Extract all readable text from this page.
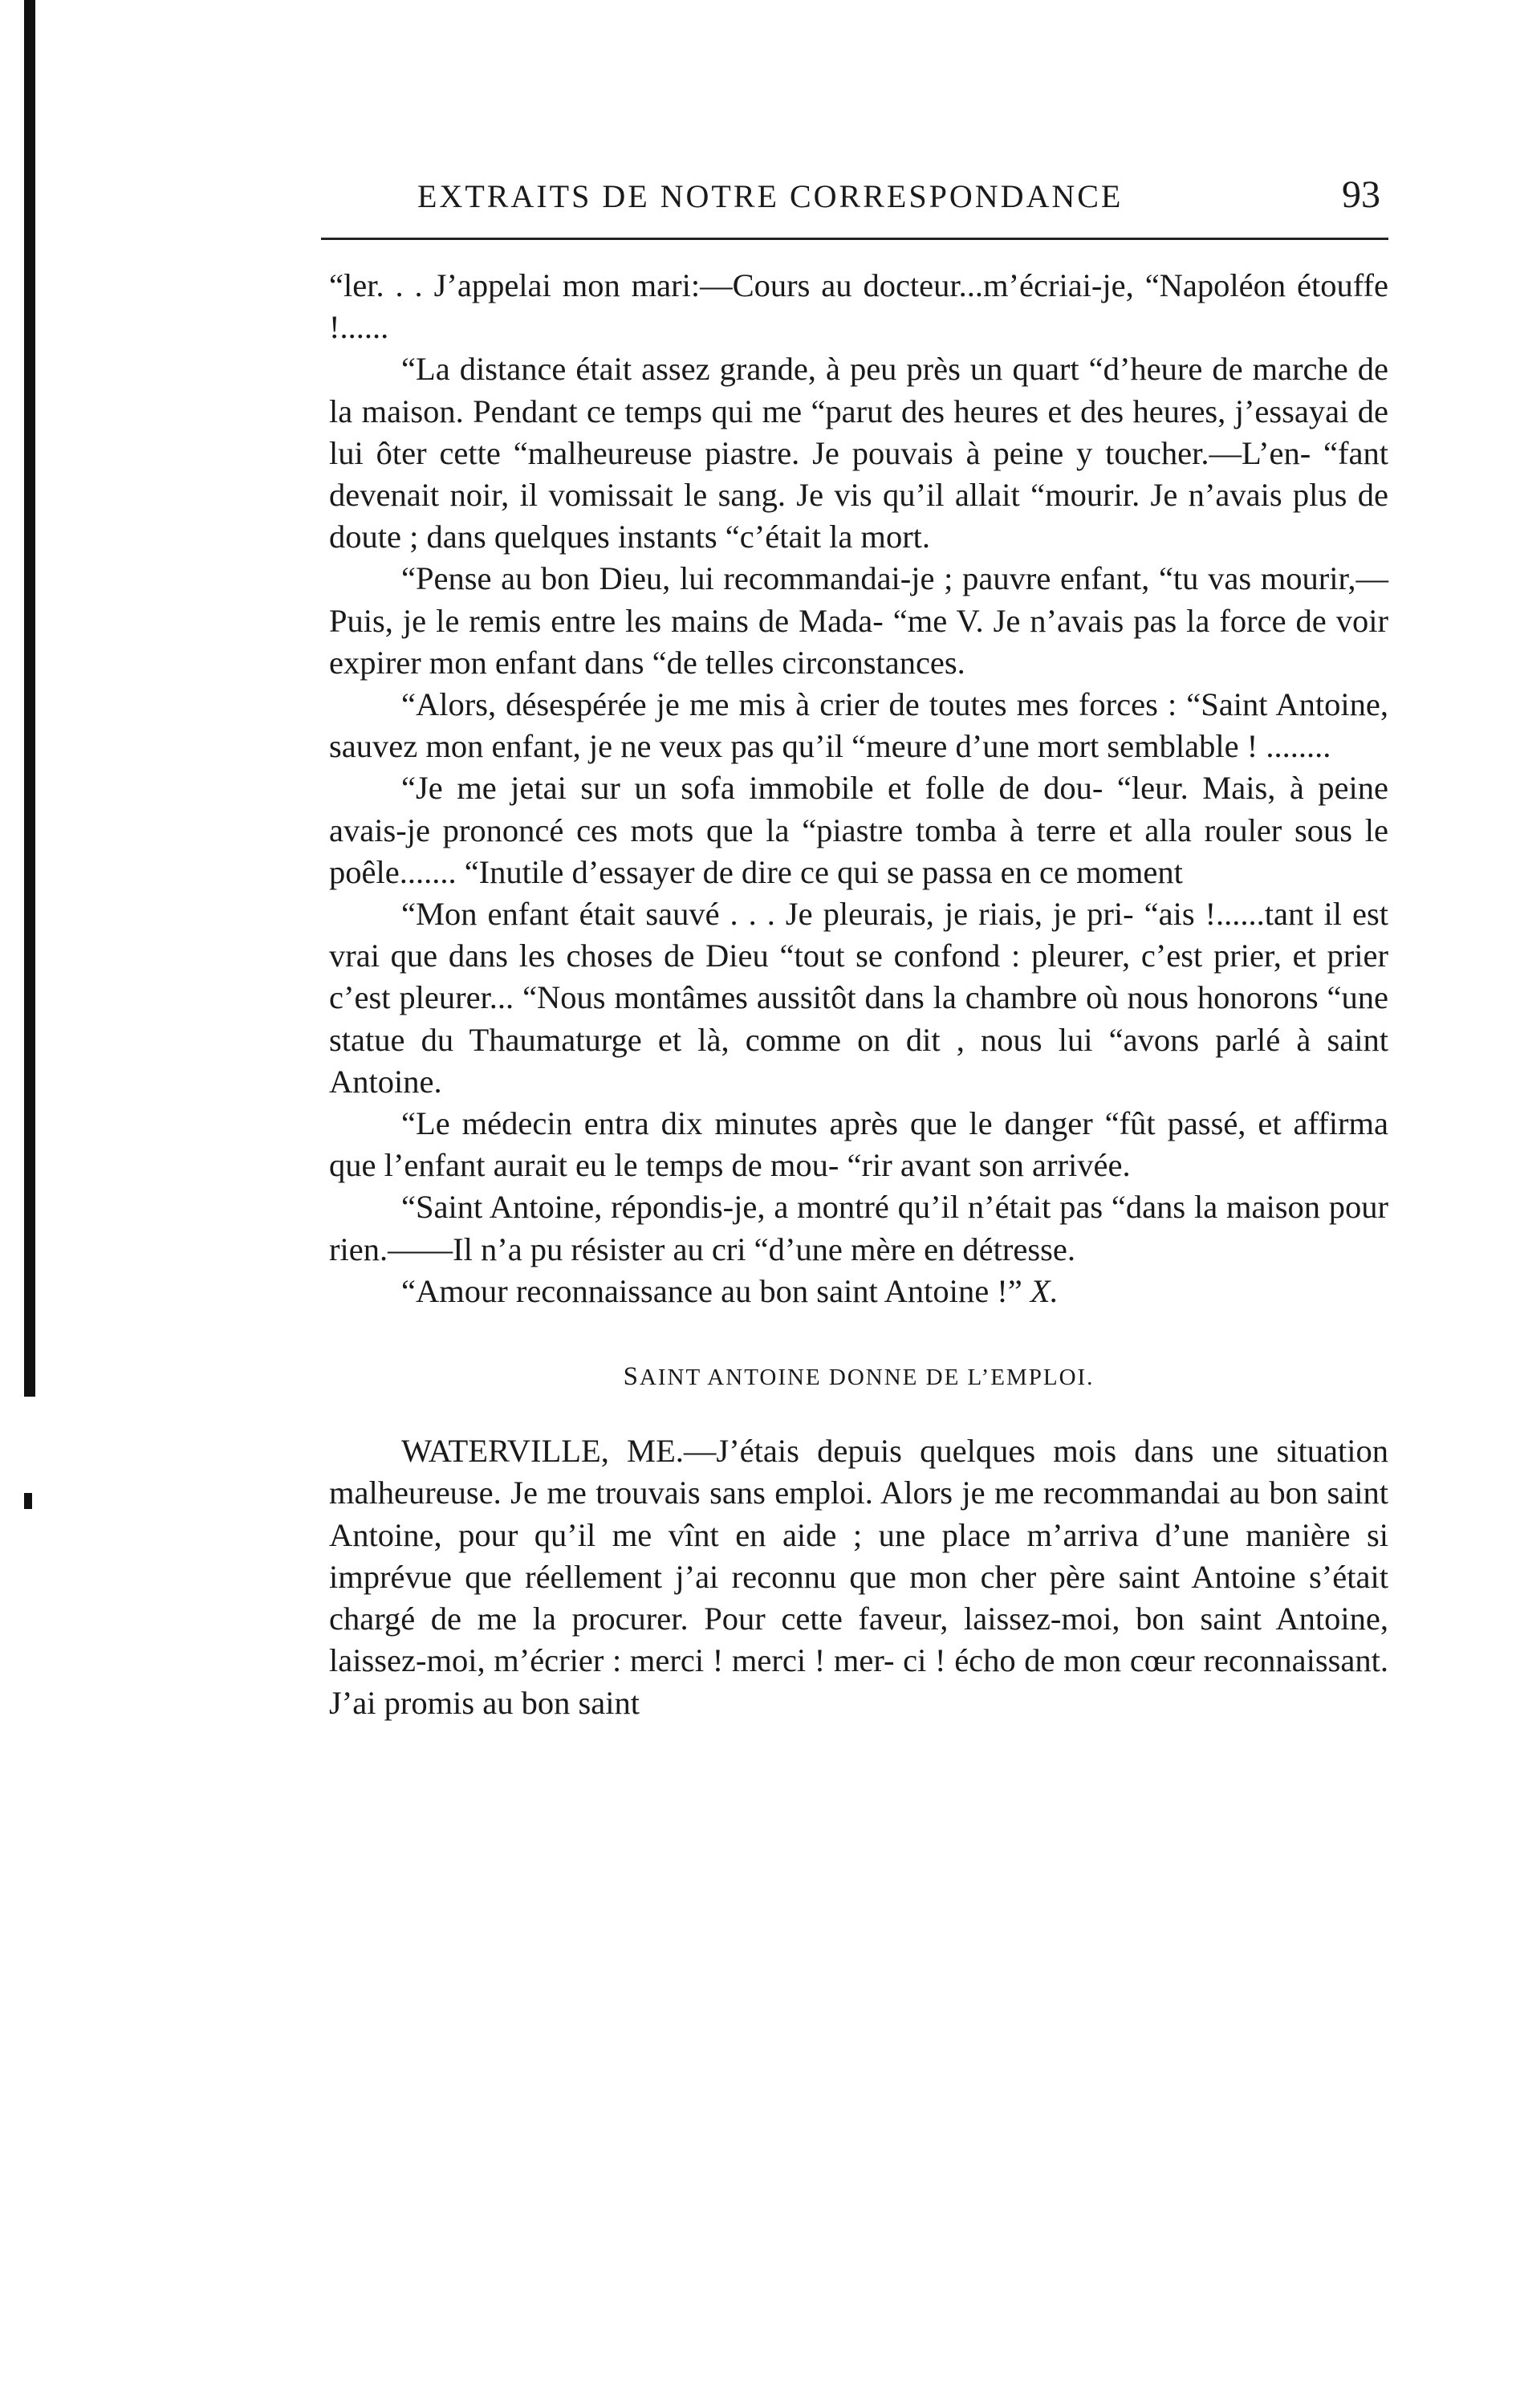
EXTRAITS DE NOTRE CORRESPONDANCE	93

“ler. . . J’appelai mon mari:—Cours au docteur...m’écriai-je, “Napoléon étouffe !......

“La distance était assez grande, à peu près un quart “d’heure de marche de la maison. Pendant ce temps qui me “parut des heures et des heures, j’essayai de lui ôter cette “malheureuse piastre. Je pouvais à peine y toucher.—L’en- “fant devenait noir, il vomissait le sang. Je vis qu’il allait “mourir. Je n’avais plus de doute ; dans quelques instants “c’était la mort.

“Pense au bon Dieu, lui recommandai-je ; pauvre enfant, “tu vas mourir,—Puis, je le remis entre les mains de Mada- “me V. Je n’avais pas la force de voir expirer mon enfant dans “de telles circonstances.

“Alors, désespérée je me mis à crier de toutes mes forces : “Saint Antoine, sauvez mon enfant, je ne veux pas qu’il “meure d’une mort semblable ! ........

“Je me jetai sur un sofa immobile et folle de dou- “leur. Mais, à peine avais-je prononcé ces mots que la “piastre tomba à terre et alla rouler sous le poêle....... “Inutile d’essayer de dire ce qui se passa en ce moment

“Mon enfant était sauvé . . . Je pleurais, je riais, je pri- “ais !......tant il est vrai que dans les choses de Dieu “tout se confond : pleurer, c’est prier, et prier c’est pleurer... “Nous montâmes aussitôt dans la chambre où nous honorons “une statue du Thaumaturge et là, comme on dit , nous lui “avons parlé à saint Antoine.

“Le médecin entra dix minutes après que le danger “fût passé, et affirma que l’enfant aurait eu le temps de mou- “rir avant son arrivée.

“Saint Antoine, répondis-je, a montré qu’il n’était pas “dans la maison pour rien.——Il n’a pu résister au cri “d’une mère en détresse.

“Amour reconnaissance au bon saint Antoine !” X.

SAINT ANTOINE DONNE DE L’EMPLOI.

WATERVILLE, ME.—J’étais depuis quelques mois dans une situation malheureuse. Je me trouvais sans emploi. Alors je me recommandai au bon saint Antoine, pour qu’il me vînt en aide ; une place m’arriva d’une manière si imprévue que réellement j’ai reconnu que mon cher père saint Antoine s’était chargé de me la procurer. Pour cette faveur, laissez-moi, bon saint Antoine, laissez-moi, m’écrier : merci ! merci ! mer- ci ! écho de mon cœur reconnaissant. J’ai promis au bon saint
